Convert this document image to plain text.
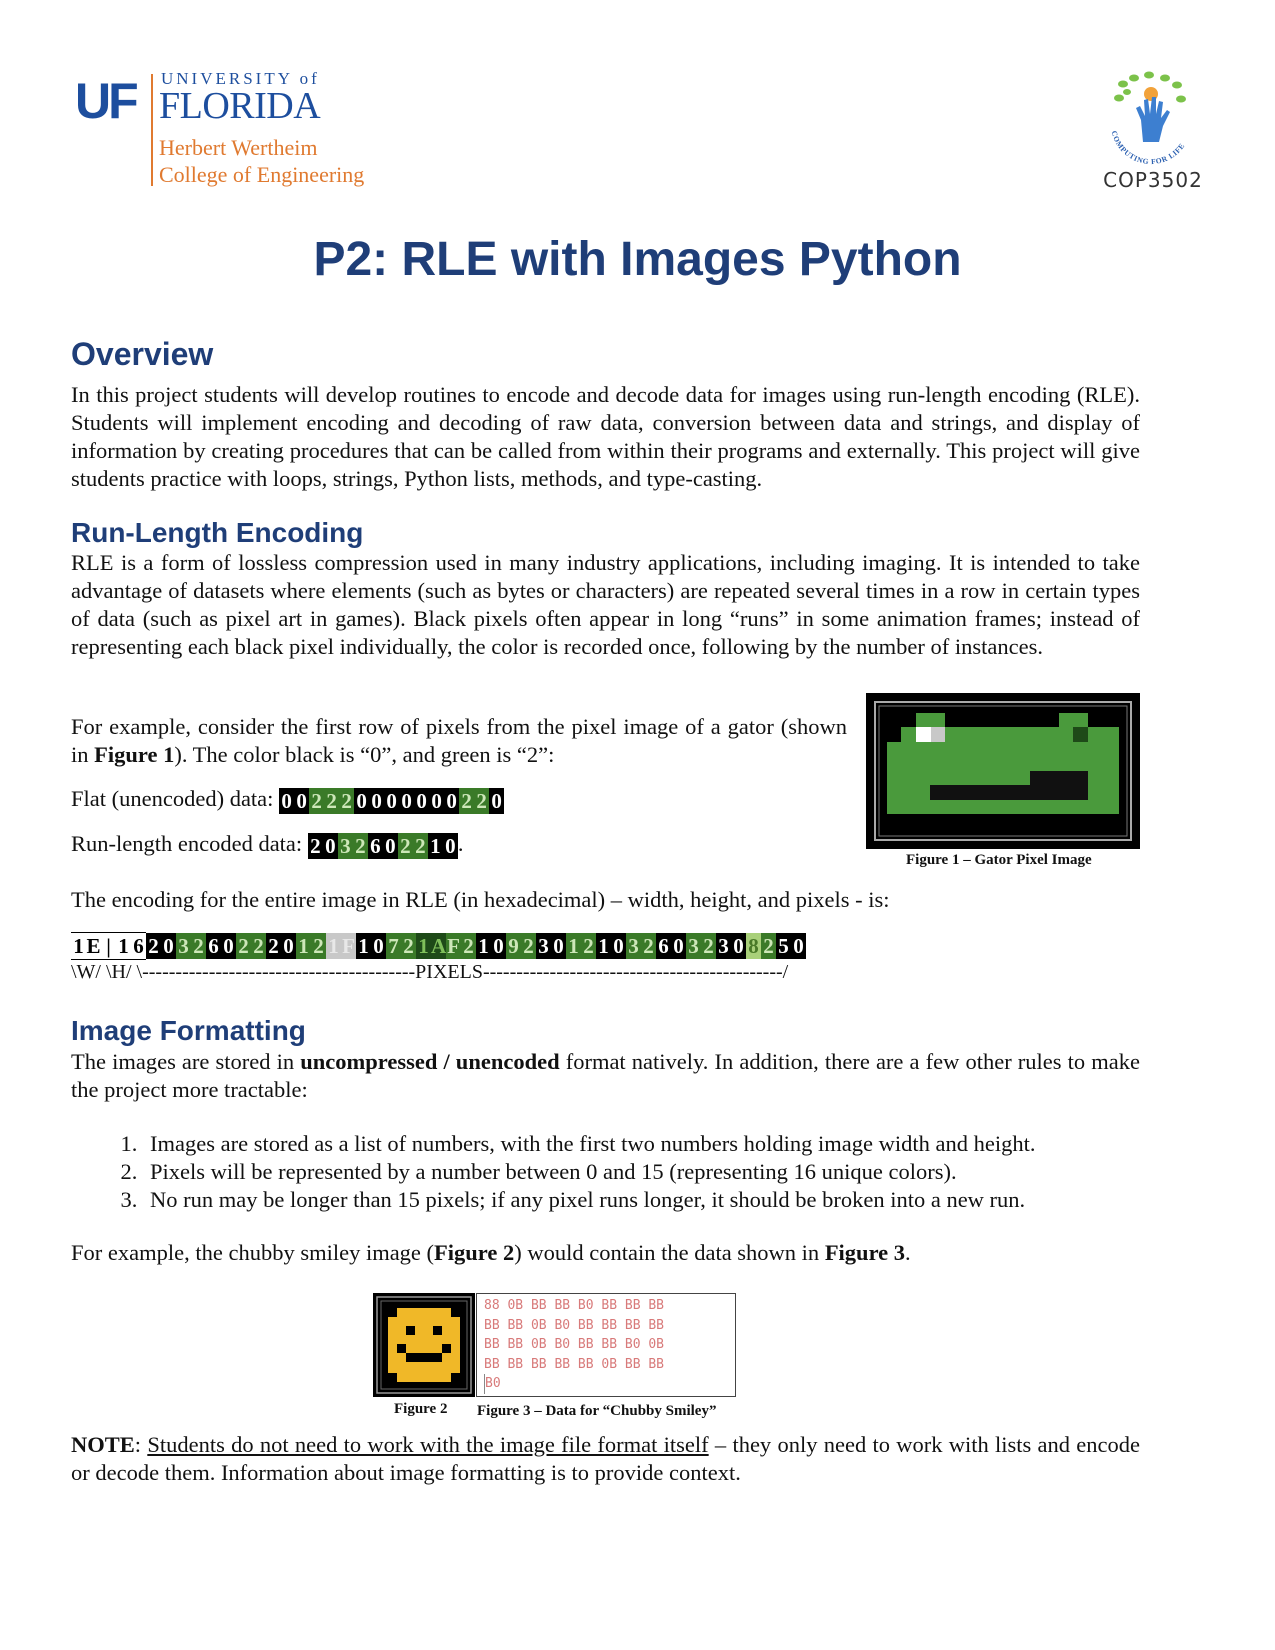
UF UNIVERSITY of
FLORIDA
Herbert Wertheim
College of Engineering
COMPUTING FOR LIFE
COP3502
P2: RLE with Images Python
Overview
In this project students will develop routines to encode and decode data for images using run-length encoding (RLE). Students will implement encoding and decoding of raw data, conversion between data and strings, and display of information by creating procedures that can be called from within their programs and externally. This project will give students practice with loops, strings, Python lists, methods, and type-casting.
Run-Length Encoding
RLE is a form of lossless compression used in many industry applications, including imaging. It is intended to take advantage of datasets where elements (such as bytes or characters) are repeated several times in a row in certain types of data (such as pixel art in games). Black pixels often appear in long “runs” in some animation frames; instead of representing each black pixel individually, the color is recorded once, following by the number of instances.
For example, consider the first row of pixels from the pixel image of a gator (shown in Figure 1). The color black is “0”, and green is “2”:
Flat (unencoded) data: 0 0 2 2 2 0 0 0 0 0 0 0 2 2 0
Run-length encoded data: 2 0 3 2 6 0 2 2 1 0 .
Figure 1 – Gator Pixel Image
The encoding for the entire image in RLE (in hexadecimal) – width, height, and pixels - is:
1 E | 1 6 2 0 3 2 6 0 2 2 2 0 1 2 1 F 1 0 7 2 1 AF 2 1 0 9 2 3 0 1 2 1 0 3 2 6 0 3 2 3 0 8 2 5 0
\W/ \H/ \-----------------------------------------PIXELS---------------------------------------------/
Image Formatting
The images are stored in uncompressed / unencoded format natively. In addition, there are a few other rules to make the project more tractable:
1. Images are stored as a list of numbers, with the first two numbers holding image width and height.
2. Pixels will be represented by a number between 0 and 15 (representing 16 unique colors).
3. No run may be longer than 15 pixels; if any pixel runs longer, it should be broken into a new run.
For example, the chubby smiley image (Figure 2) would contain the data shown in Figure 3.
88 0B BB BB B0 BB BB BB
BB BB 0B B0 BB BB BB BB
BB BB 0B B0 BB BB B0 0B
BB BB BB BB BB 0B BB BB
B0
Figure 2 Figure 3 – Data for “Chubby Smiley”
NOTE: Students do not need to work with the image file format itself – they only need to work with lists and encode or decode them. Information about image formatting is to provide context.
